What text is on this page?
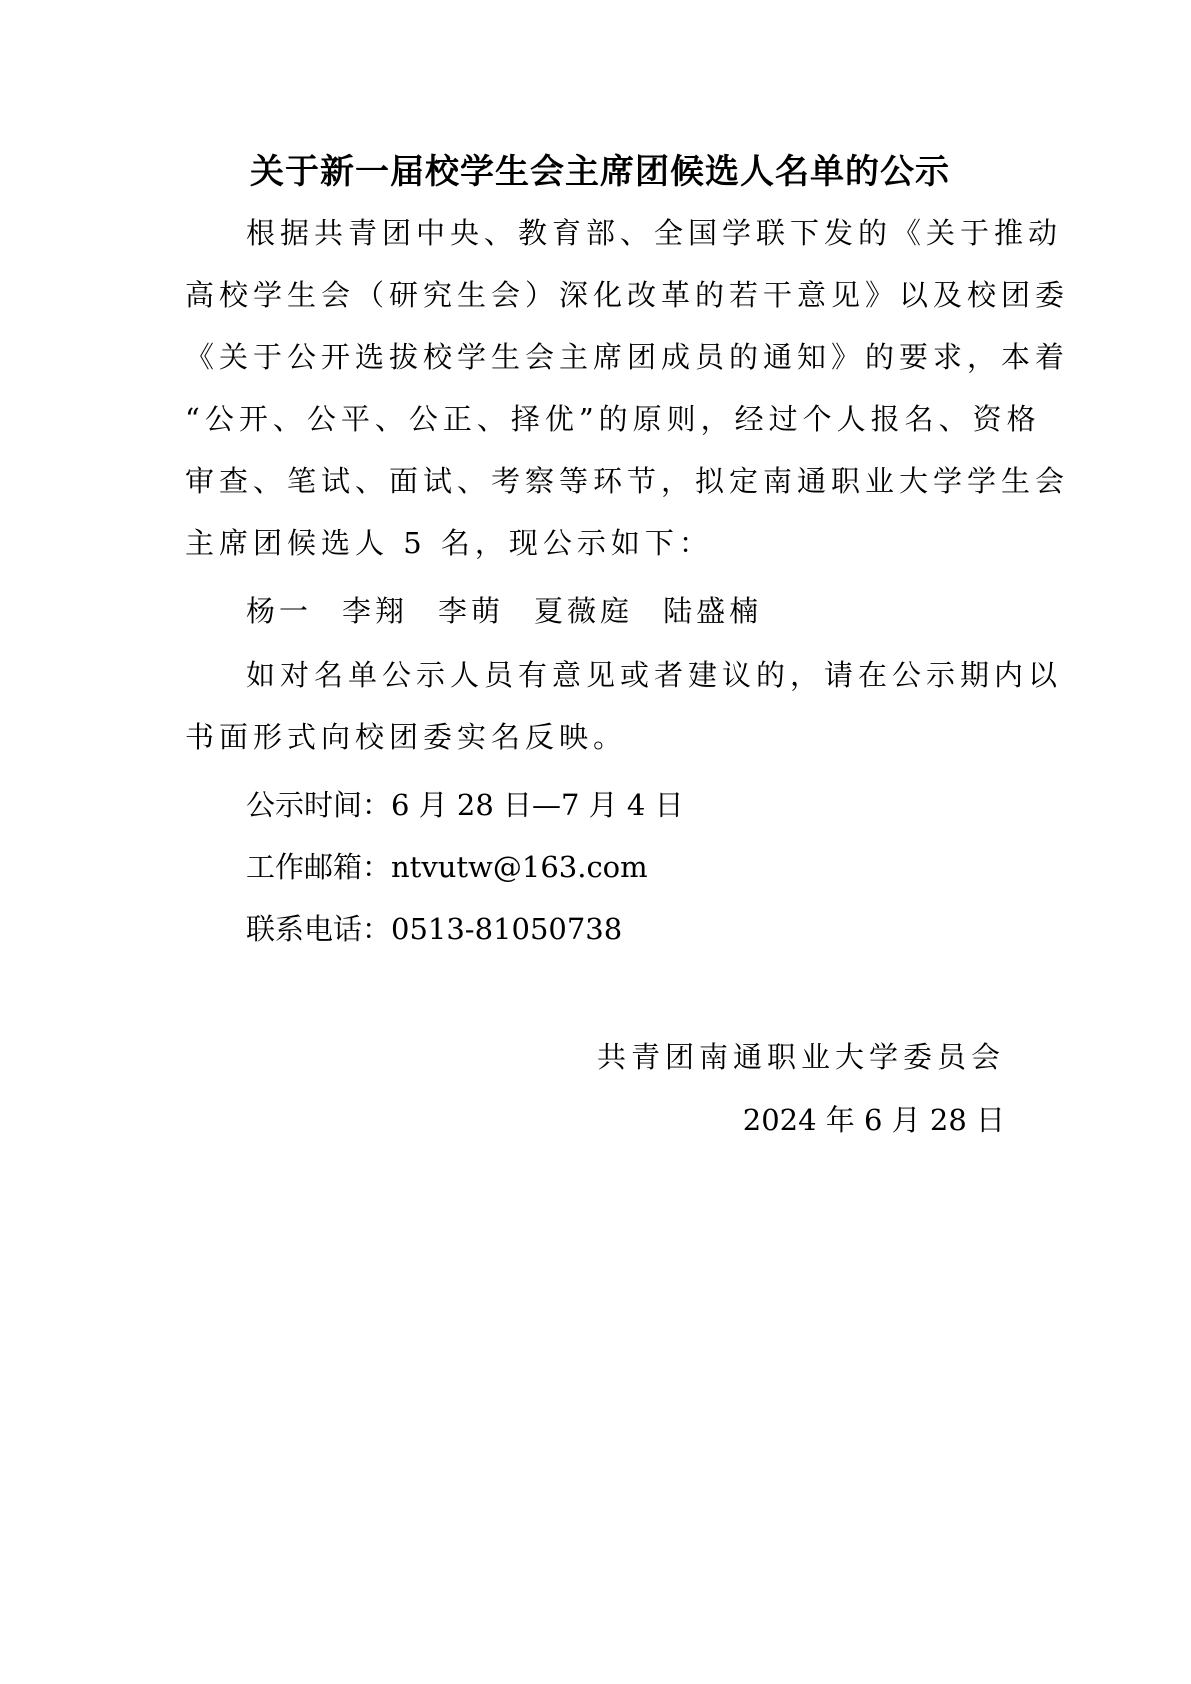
关于新一届校学生会主席团候选人名单的公示
根据共青团中央、教育部、全国学联下发的《关于推动
高校学生会（研究生会）深化改革的若干意见》以及校团委
《关于公开选拔校学生会主席团成员的通知》的要求，本着
“公开、公平、公正、择优”的原则，经过个人报名、资格
审查、笔试、面试、考察等环节，拟定南通职业大学学生会
主席团候选人 5 名，现公示如下：
杨一 李翔 李萌 夏薇庭 陆盛楠
如对名单公示人员有意见或者建议的，请在公示期内以
书面形式向校团委实名反映。
公示时间：6 月 28 日—7 月 4 日
工作邮箱：ntvutw@163.com
联系电话：0513-81050738
共青团南通职业大学委员会
2024 年 6 月 28 日
